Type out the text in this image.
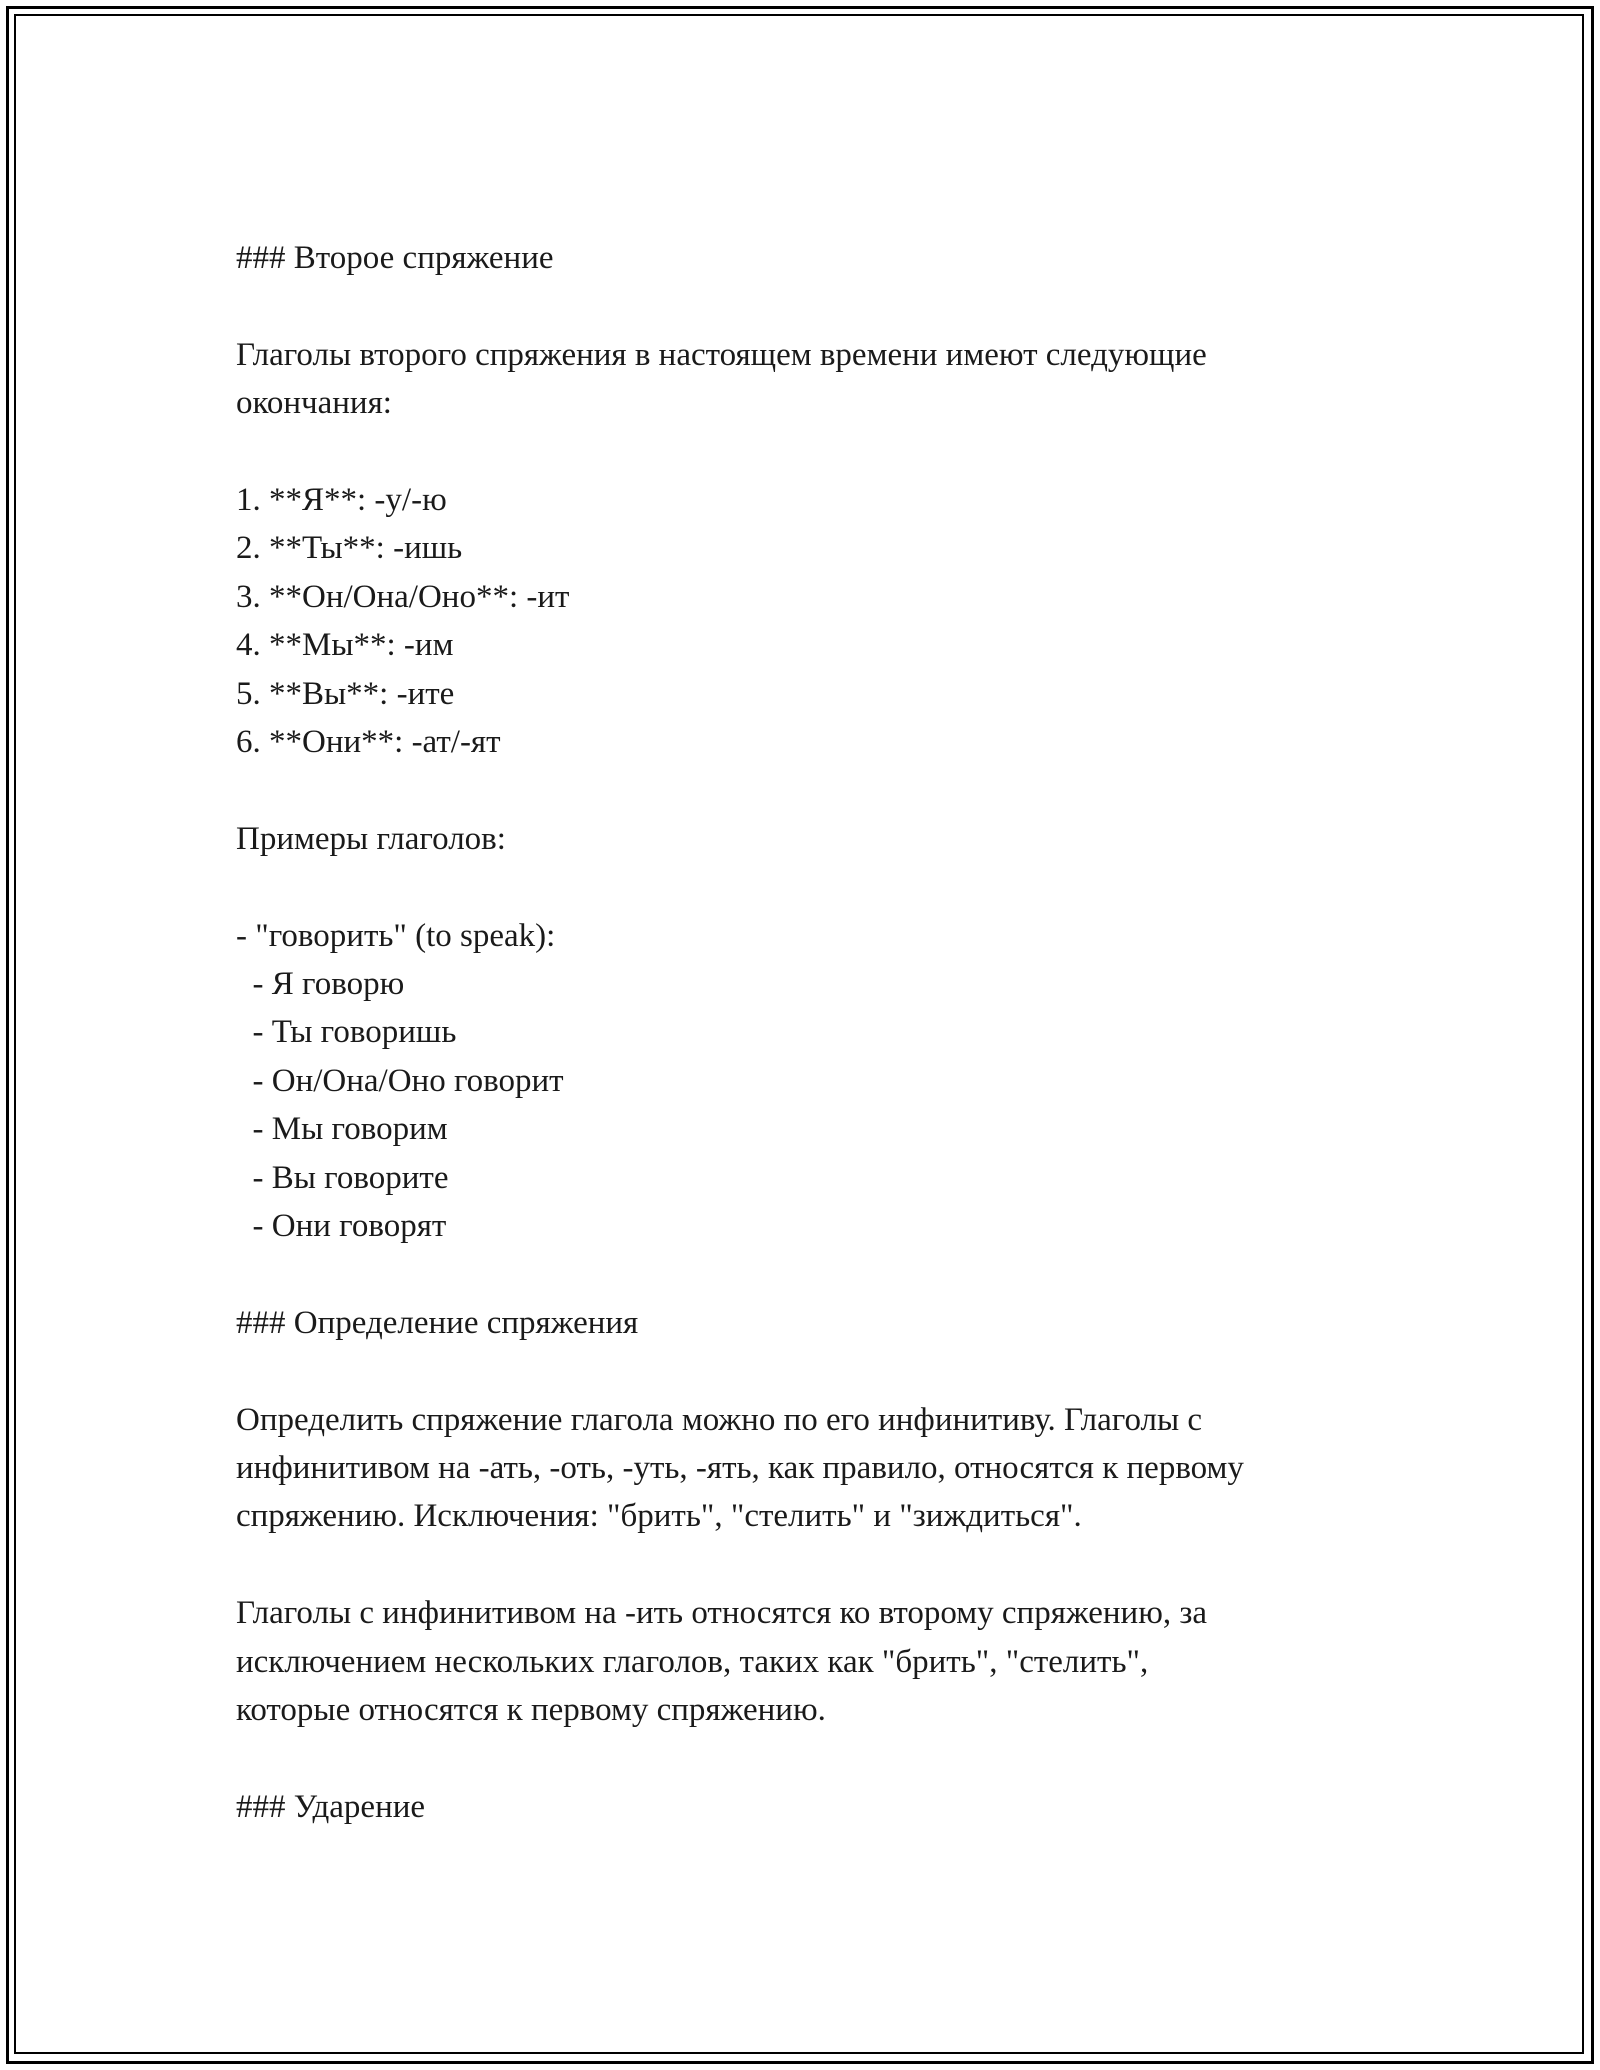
### Второе спряжение

Глаголы второго спряжения в настоящем времени имеют следующие

окончания:

1. **Я**: -у/-ю

2. **Ты**: -ишь

3. **Он/Она/Оно**: -ит

4. **Мы**: -им

5. **Вы**: -ите

6. **Они**: -ат/-ят

Примеры глаголов:

- "говорить" (to speak):

- Я говорю

- Ты говоришь

- Он/Она/Оно говорит

- Мы говорим

- Вы говорите

- Они говорят

### Определение спряжения

Определить спряжение глагола можно по его инфинитиву. Глаголы с

инфинитивом на -ать, -оть, -уть, -ять, как правило, относятся к первому

спряжению. Исключения: "брить", "стелить" и "зиждиться".

Глаголы с инфинитивом на -ить относятся ко второму спряжению, за

исключением нескольких глаголов, таких как "брить", "стелить",

которые относятся к первому спряжению.

### Ударение
